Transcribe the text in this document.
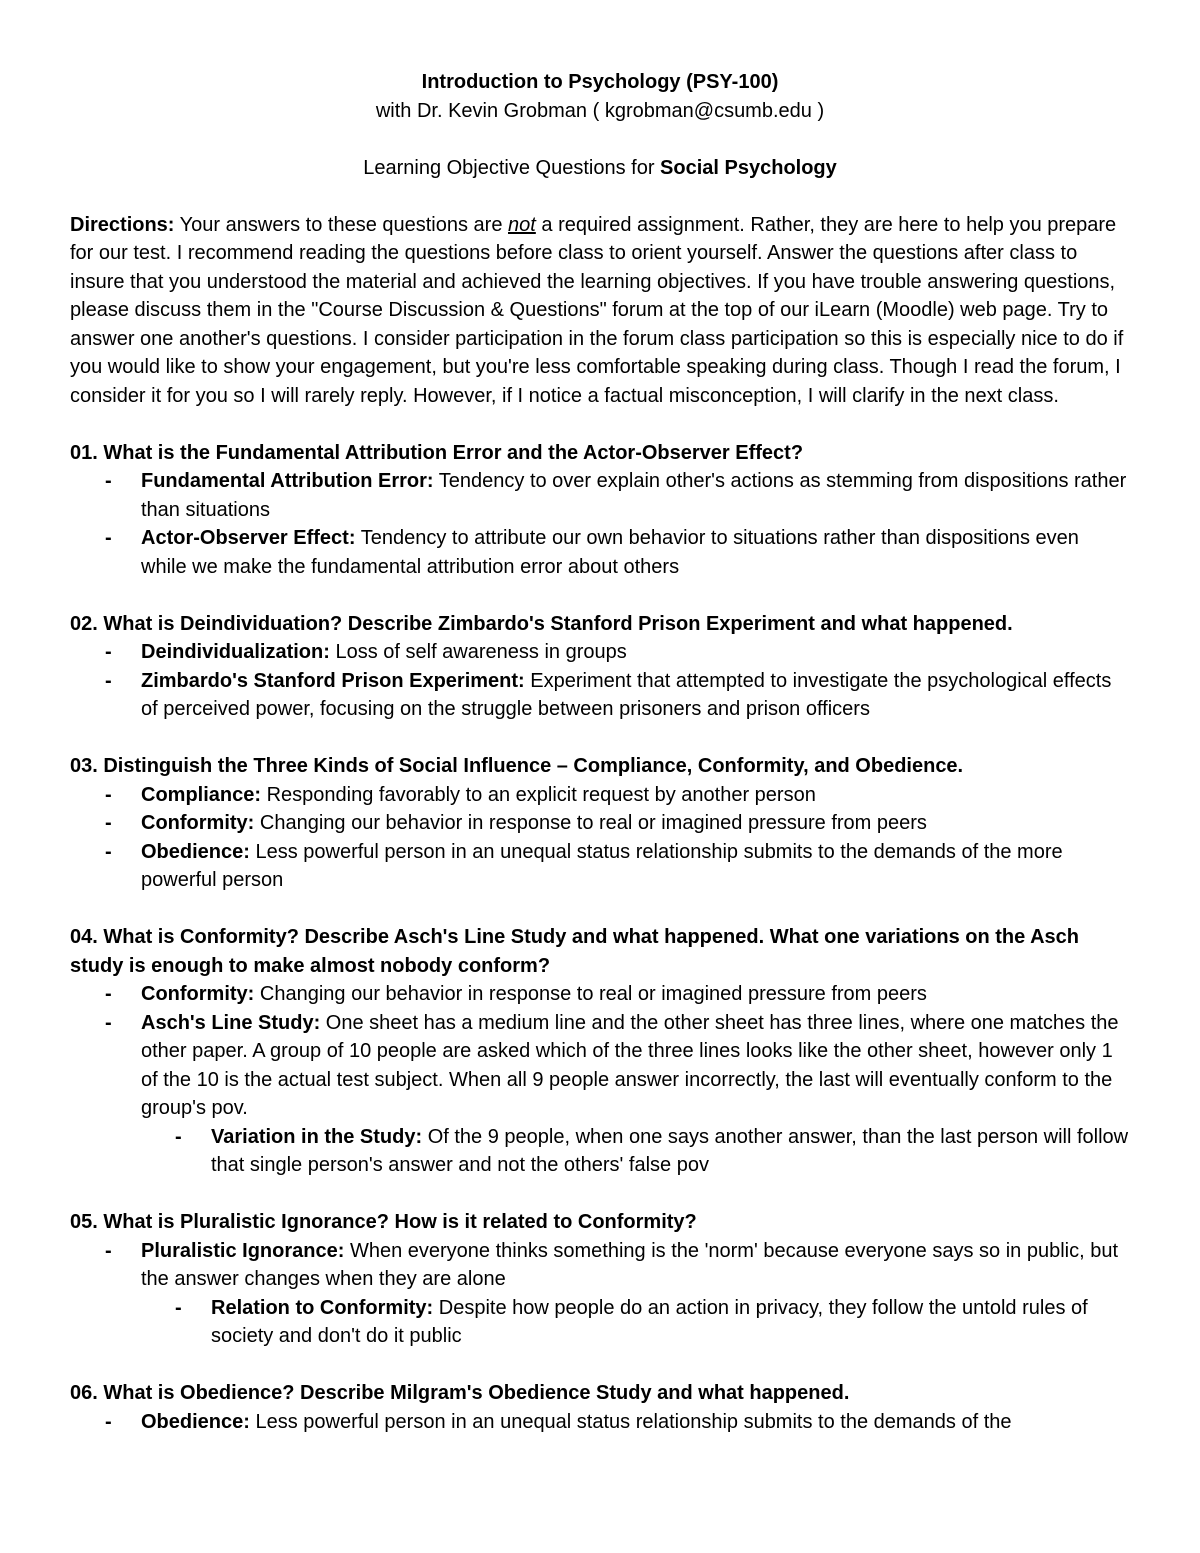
Introduction to Psychology (PSY-100)
with Dr. Kevin Grobman ( kgrobman@csumb.edu )
Learning Objective Questions for Social Psychology
Directions: Your answers to these questions are not a required assignment. Rather, they are here to help you prepare for our test. I recommend reading the questions before class to orient yourself. Answer the questions after class to insure that you understood the material and achieved the learning objectives. If you have trouble answering questions, please discuss them in the "Course Discussion & Questions" forum at the top of our iLearn (Moodle) web page. Try to answer one another's questions. I consider participation in the forum class participation so this is especially nice to do if you would like to show your engagement, but you're less comfortable speaking during class. Though I read the forum, I consider it for you so I will rarely reply. However, if I notice a factual misconception, I will clarify in the next class.
01. What is the Fundamental Attribution Error and the Actor-Observer Effect?
- Fundamental Attribution Error: Tendency to over explain other's actions as stemming from dispositions rather than situations
- Actor-Observer Effect: Tendency to attribute our own behavior to situations rather than dispositions even while we make the fundamental attribution error about others
02. What is Deindividuation? Describe Zimbardo's Stanford Prison Experiment and what happened.
- Deindividualization: Loss of self awareness in groups
- Zimbardo's Stanford Prison Experiment: Experiment that attempted to investigate the psychological effects of perceived power, focusing on the struggle between prisoners and prison officers
03. Distinguish the Three Kinds of Social Influence – Compliance, Conformity, and Obedience.
- Compliance: Responding favorably to an explicit request by another person
- Conformity: Changing our behavior in response to real or imagined pressure from peers
- Obedience: Less powerful person in an unequal status relationship submits to the demands of the more powerful person
04. What is Conformity? Describe Asch's Line Study and what happened. What one variations on the Asch study is enough to make almost nobody conform?
- Conformity: Changing our behavior in response to real or imagined pressure from peers
- Asch's Line Study: One sheet has a medium line and the other sheet has three lines, where one matches the other paper. A group of 10 people are asked which of the three lines looks like the other sheet, however only 1 of the 10 is the actual test subject. When all 9 people answer incorrectly, the last will eventually conform to the group's pov.
- Variation in the Study: Of the 9 people, when one says another answer, than the last person will follow that single person's answer and not the others' false pov
05. What is Pluralistic Ignorance? How is it related to Conformity?
- Pluralistic Ignorance: When everyone thinks something is the 'norm' because everyone says so in public, but the answer changes when they are alone
- Relation to Conformity: Despite how people do an action in privacy, they follow the untold rules of society and don't do it public
06. What is Obedience? Describe Milgram's Obedience Study and what happened.
- Obedience: Less powerful person in an unequal status relationship submits to the demands of the
